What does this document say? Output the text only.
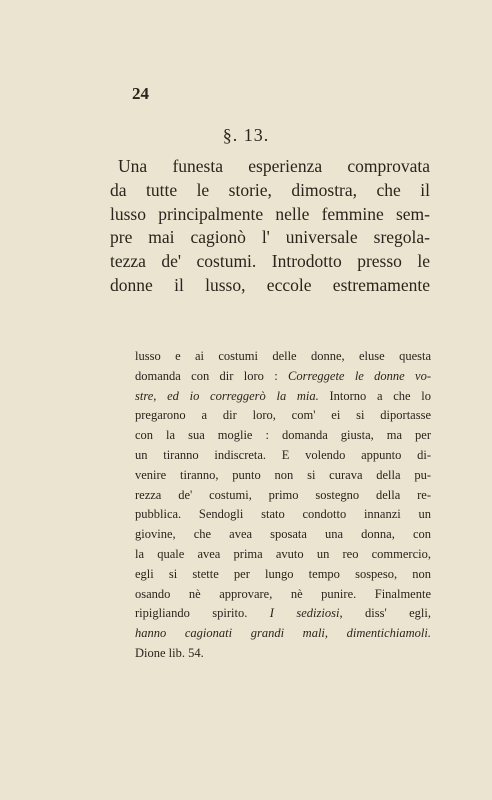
24
§. 13.

Una funesta esperienza comprovata
da tutte le storie, dimostra, che il
lusso principalmente nelle femmine sem-
pre mai cagionò l' universale sregola-
tezza de' costumi. Introdotto presso le
donne il lusso, eccole estremamente

lusso e ai costumi delle donne, eluse questa
domanda con dir loro : Correggete le donne vo-
stre, ed io correggerò la mia. Intorno a che lo
pregarono a dir loro, com' ei si diportasse
con la sua moglie : domanda giusta, ma per
un tiranno indiscreta. E volendo appunto di-
venire tiranno, punto non si curava della pu-
rezza de' costumi, primo sostegno della re-
pubblica. Sendogli stato condotto innanzi un
giovine, che avea sposata una donna, con
la quale avea prima avuto un reo commercio,
egli si stette per lungo tempo sospeso, non
osando nè approvare, nè punire. Finalmente
ripigliando spirito. I sediziosi, diss' egli,
hanno cagionati grandi mali, dimentichiamoli.
Dione lib. 54.
